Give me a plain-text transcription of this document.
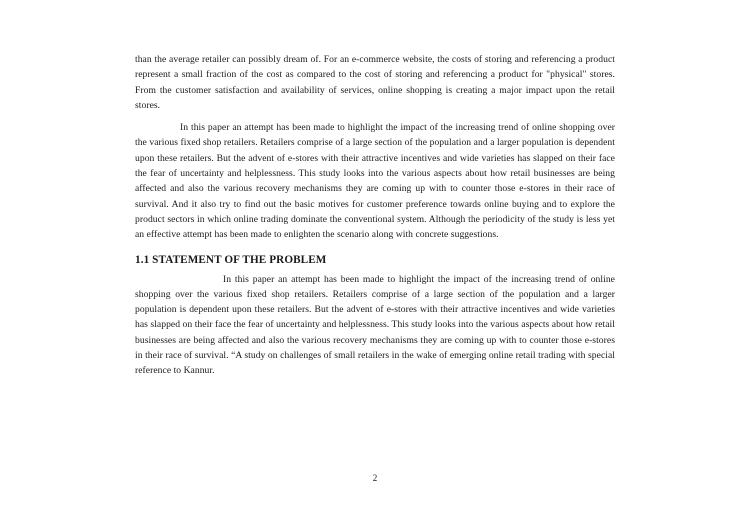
than the average retailer can possibly dream of. For an e-commerce website, the costs of storing and referencing a product represent a small fraction of the cost as compared to the cost of storing and referencing a product for "physical" stores. From the customer satisfaction and availability of services, online shopping is creating a major impact upon the retail stores.

In this paper an attempt has been made to highlight the impact of the increasing trend of online shopping over the various fixed shop retailers. Retailers comprise of a large section of the population and a larger population is dependent upon these retailers. But the advent of e-stores with their attractive incentives and wide varieties has slapped on their face the fear of uncertainty and helplessness. This study looks into the various aspects about how retail businesses are being affected and also the various recovery mechanisms they are coming up with to counter those e-stores in their race of survival. And it also try to find out the basic motives for customer preference towards online buying and to explore the product sectors in which online trading dominate the conventional system. Although the periodicity of the study is less yet an effective attempt has been made to enlighten the scenario along with concrete suggestions.

1.1 STATEMENT OF THE PROBLEM

In this paper an attempt has been made to highlight the impact of the increasing trend of online shopping over the various fixed shop retailers. Retailers comprise of a large section of the population and a larger population is dependent upon these retailers. But the advent of e-stores with their attractive incentives and wide varieties has slapped on their face the fear of uncertainty and helplessness. This study looks into the various aspects about how retail businesses are being affected and also the various recovery mechanisms they are coming up with to counter those e-stores in their race of survival. “A study on challenges of small retailers in the wake of emerging online retail trading with special reference to Kannur.

2
